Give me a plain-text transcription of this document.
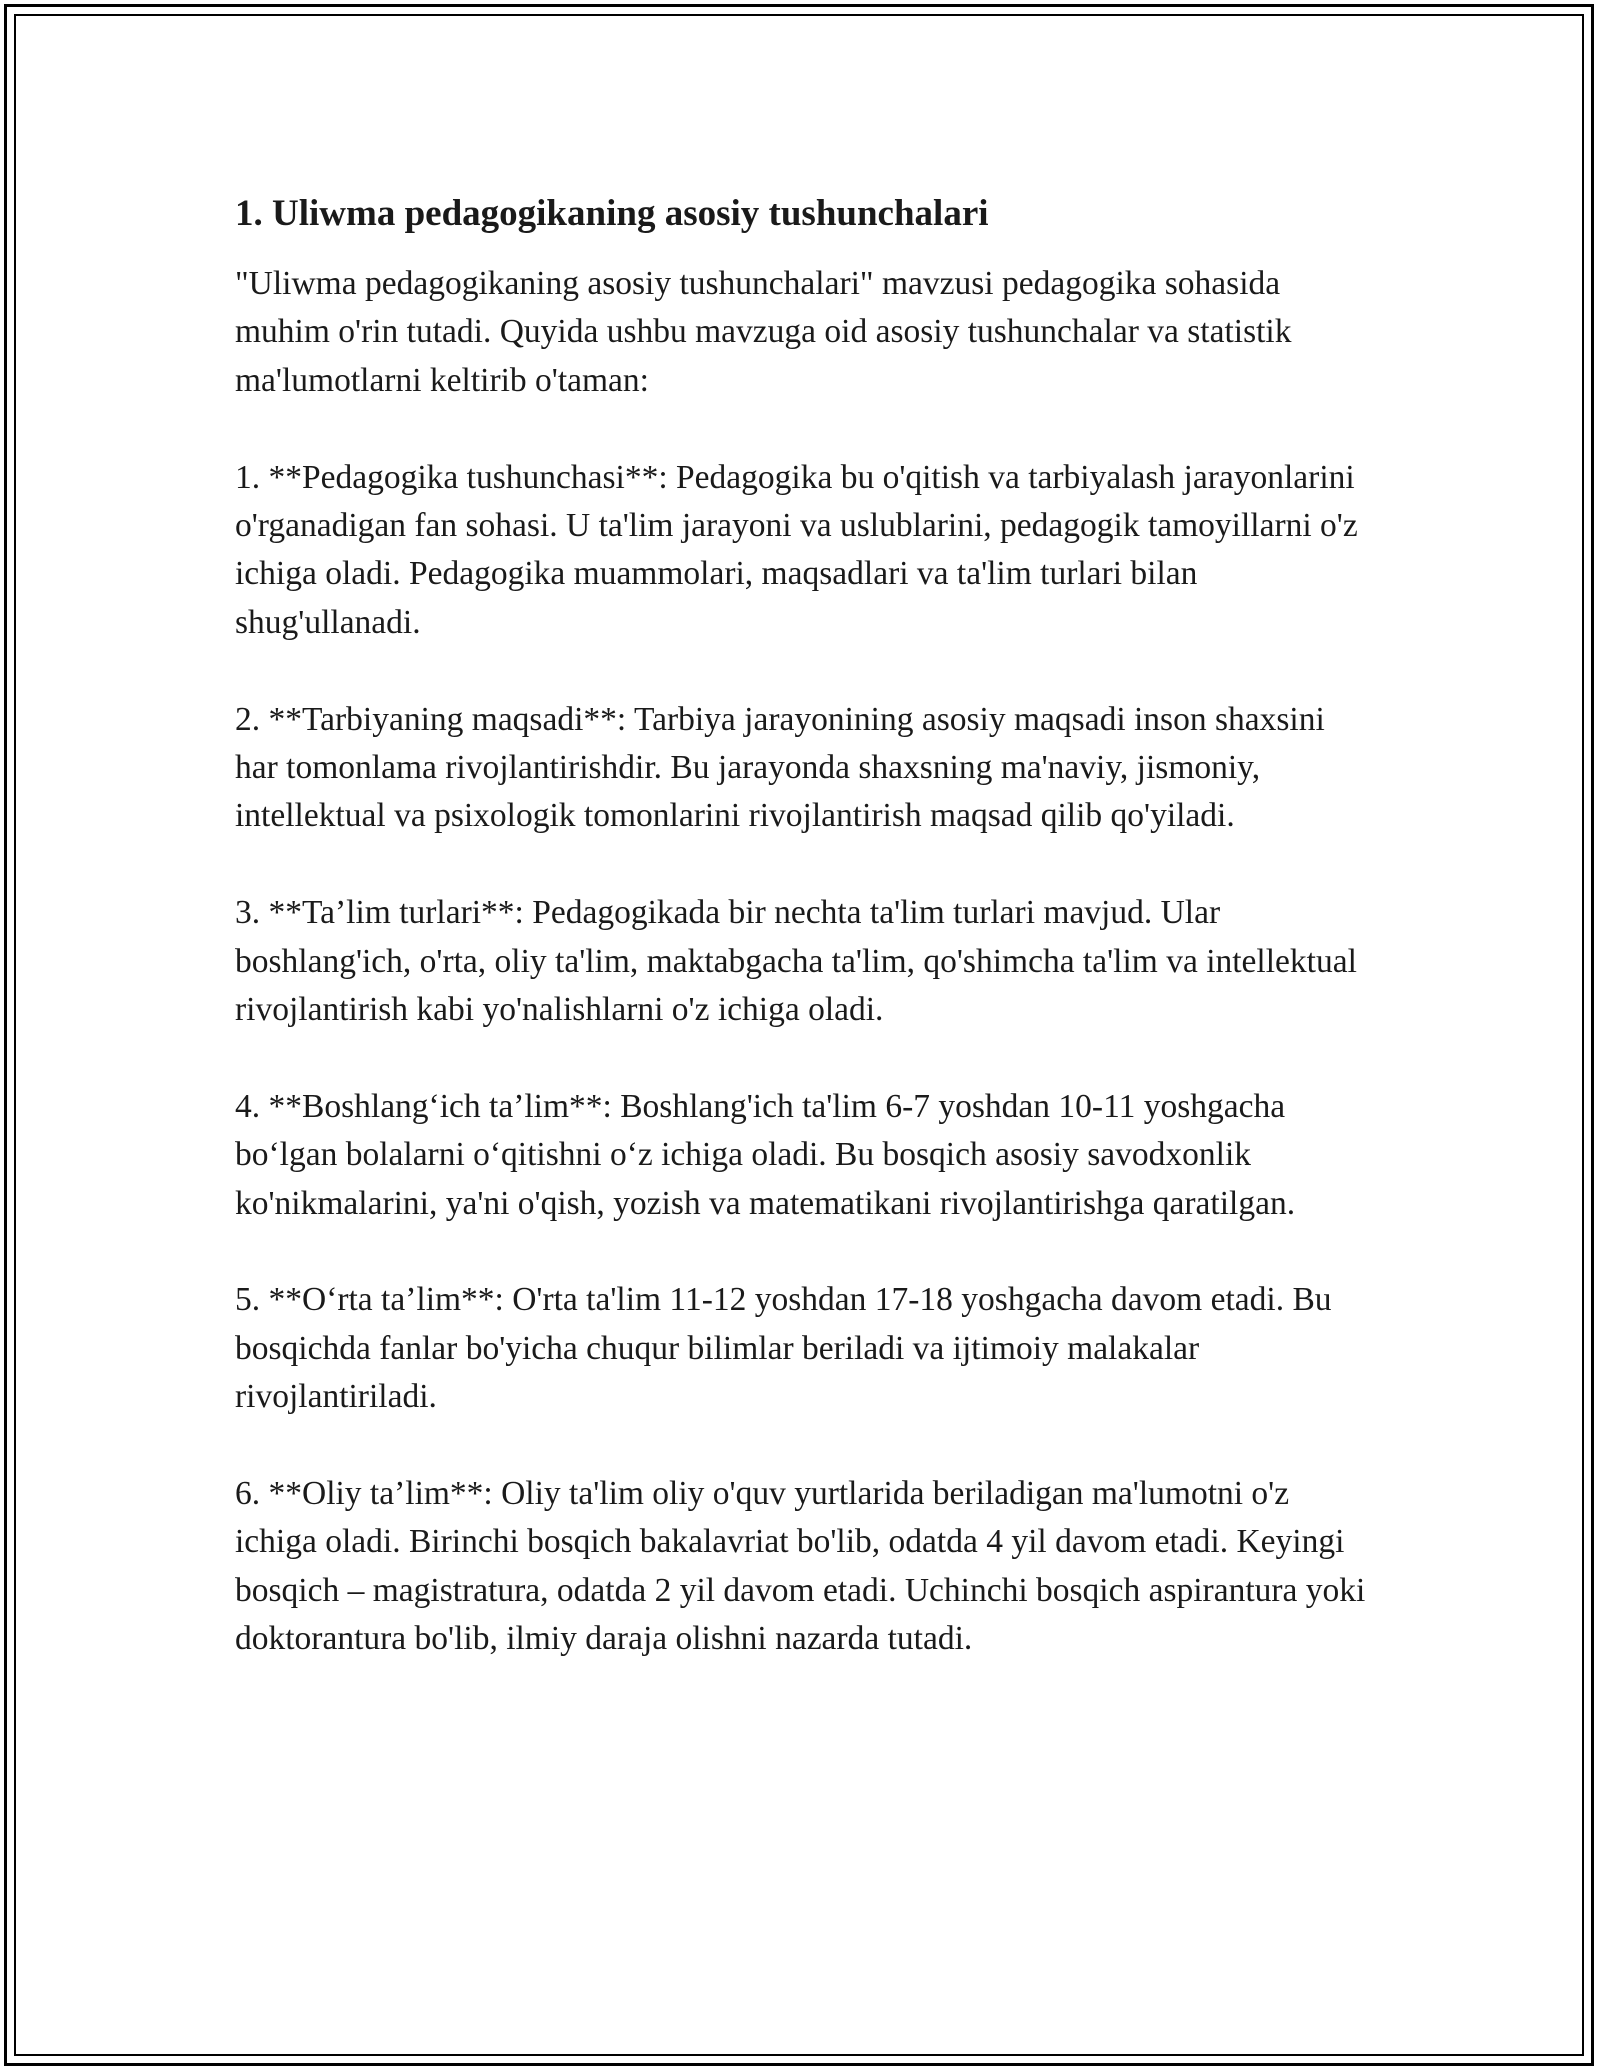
1. Uliwma pedagogikaning asosiy tushunchalari

"Uliwma pedagogikaning asosiy tushunchalari" mavzusi pedagogika sohasida muhim o'rin tutadi. Quyida ushbu mavzuga oid asosiy tushunchalar va statistik ma'lumotlarni keltirib o'taman:

1. **Pedagogika tushunchasi**: Pedagogika bu o'qitish va tarbiyalash jarayonlarini o'rganadigan fan sohasi. U ta'lim jarayoni va uslublarini, pedagogik tamoyillarni o'z ichiga oladi. Pedagogika muammolari, maqsadlari va ta'lim turlari bilan shug'ullanadi.

2. **Tarbiyaning maqsadi**: Tarbiya jarayonining asosiy maqsadi inson shaxsini har tomonlama rivojlantirishdir. Bu jarayonda shaxsning ma'naviy, jismoniy, intellektual va psixologik tomonlarini rivojlantirish maqsad qilib qo'yiladi.

3. **Ta’lim turlari**: Pedagogikada bir nechta ta'lim turlari mavjud. Ular boshlang'ich, o'rta, oliy ta'lim, maktabgacha ta'lim, qo'shimcha ta'lim va intellektual rivojlantirish kabi yo'nalishlarni o'z ichiga oladi.

4. **Boshlang‘ich ta’lim**: Boshlang'ich ta'lim 6-7 yoshdan 10-11 yoshgacha bo‘lgan bolalarni o‘qitishni o‘z ichiga oladi. Bu bosqich asosiy savodxonlik ko'nikmalarini, ya'ni o'qish, yozish va matematikani rivojlantirishga qaratilgan.

5. **O‘rta ta’lim**: O'rta ta'lim 11-12 yoshdan 17-18 yoshgacha davom etadi. Bu bosqichda fanlar bo'yicha chuqur bilimlar beriladi va ijtimoiy malakalar rivojlantiriladi.

6. **Oliy ta’lim**: Oliy ta'lim oliy o'quv yurtlarida beriladigan ma'lumotni o'z ichiga oladi. Birinchi bosqich bakalavriat bo'lib, odatda 4 yil davom etadi. Keyingi bosqich – magistratura, odatda 2 yil davom etadi. Uchinchi bosqich aspirantura yoki doktorantura bo'lib, ilmiy daraja olishni nazarda tutadi.
